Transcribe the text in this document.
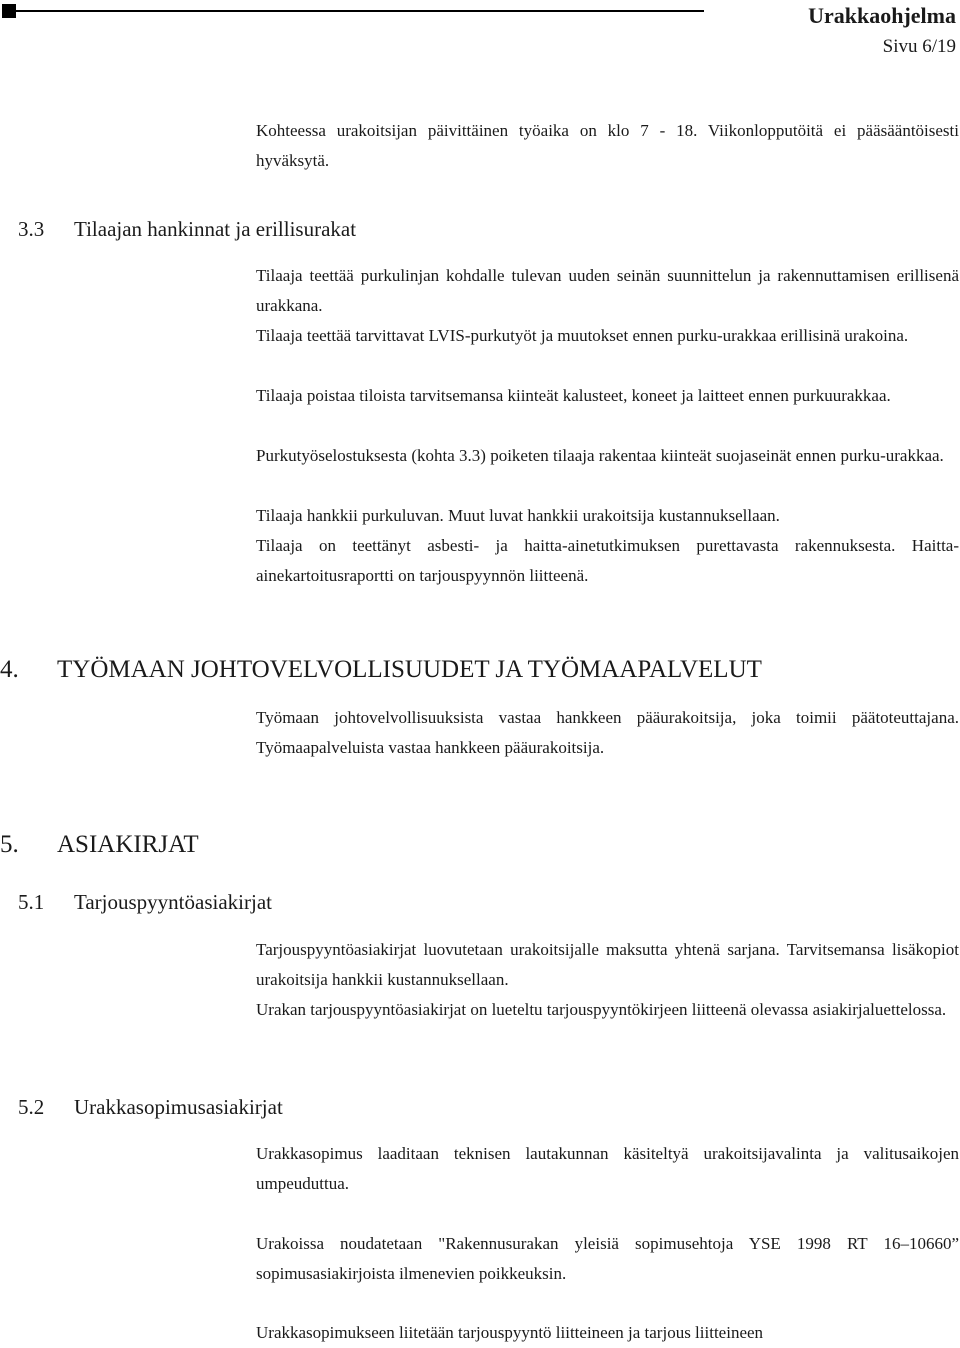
Urakkaohjelma
Sivu 6/19

Kohteessa urakoitsijan päivittäinen työaika on klo 7 - 18. Viikonlopputöitä ei pääsääntöisesti hyväksytä.

3.3 Tilaajan hankinnat ja erillisurakat

Tilaaja teettää purkulinjan kohdalle tulevan uuden seinän suunnittelun ja rakennuttamisen erillisenä urakkana.

Tilaaja teettää tarvittavat LVIS-purkutyöt ja muutokset ennen purku-urakkaa erillisinä urakoina.

Tilaaja poistaa tiloista tarvitsemansa kiinteät kalusteet, koneet ja laitteet ennen purkuurakkaa.

Purkutyöselostuksesta (kohta 3.3) poiketen tilaaja rakentaa kiinteät suojaseinät ennen purku-urakkaa.

Tilaaja hankkii purkuluvan. Muut luvat hankkii urakoitsija kustannuksellaan.

Tilaaja on teettänyt asbesti- ja haitta-ainetutkimuksen purettavasta rakennuksesta. Haitta-ainekartoitusraportti on tarjouspyynnön liitteenä.

4. TYÖMAAN JOHTOVELVOLLISUUDET JA TYÖMAAPALVELUT

Työmaan johtovelvollisuuksista vastaa hankkeen pääurakoitsija, joka toimii päätoteuttajana. Työmaapalveluista vastaa hankkeen pääurakoitsija.

5. ASIAKIRJAT
5.1 Tarjouspyyntöasiakirjat

Tarjouspyyntöasiakirjat luovutetaan urakoitsijalle maksutta yhtenä sarjana. Tarvitsemansa lisäkopiot urakoitsija hankkii kustannuksellaan.

Urakan tarjouspyyntöasiakirjat on lueteltu tarjouspyyntökirjeen liitteenä olevassa asiakirjaluettelossa.

5.2 Urakkasopimusasiakirjat

Urakkasopimus laaditaan teknisen lautakunnan käsiteltyä urakoitsijavalinta ja valitusaikojen umpeuduttua.

Urakoissa noudatetaan "Rakennusurakan yleisiä sopimusehtoja YSE 1998 RT 16–10660” sopimusasiakirjoista ilmenevien poikkeuksin.

Urakkasopimukseen liitetään tarjouspyyntö liitteineen ja tarjous liitteineen
